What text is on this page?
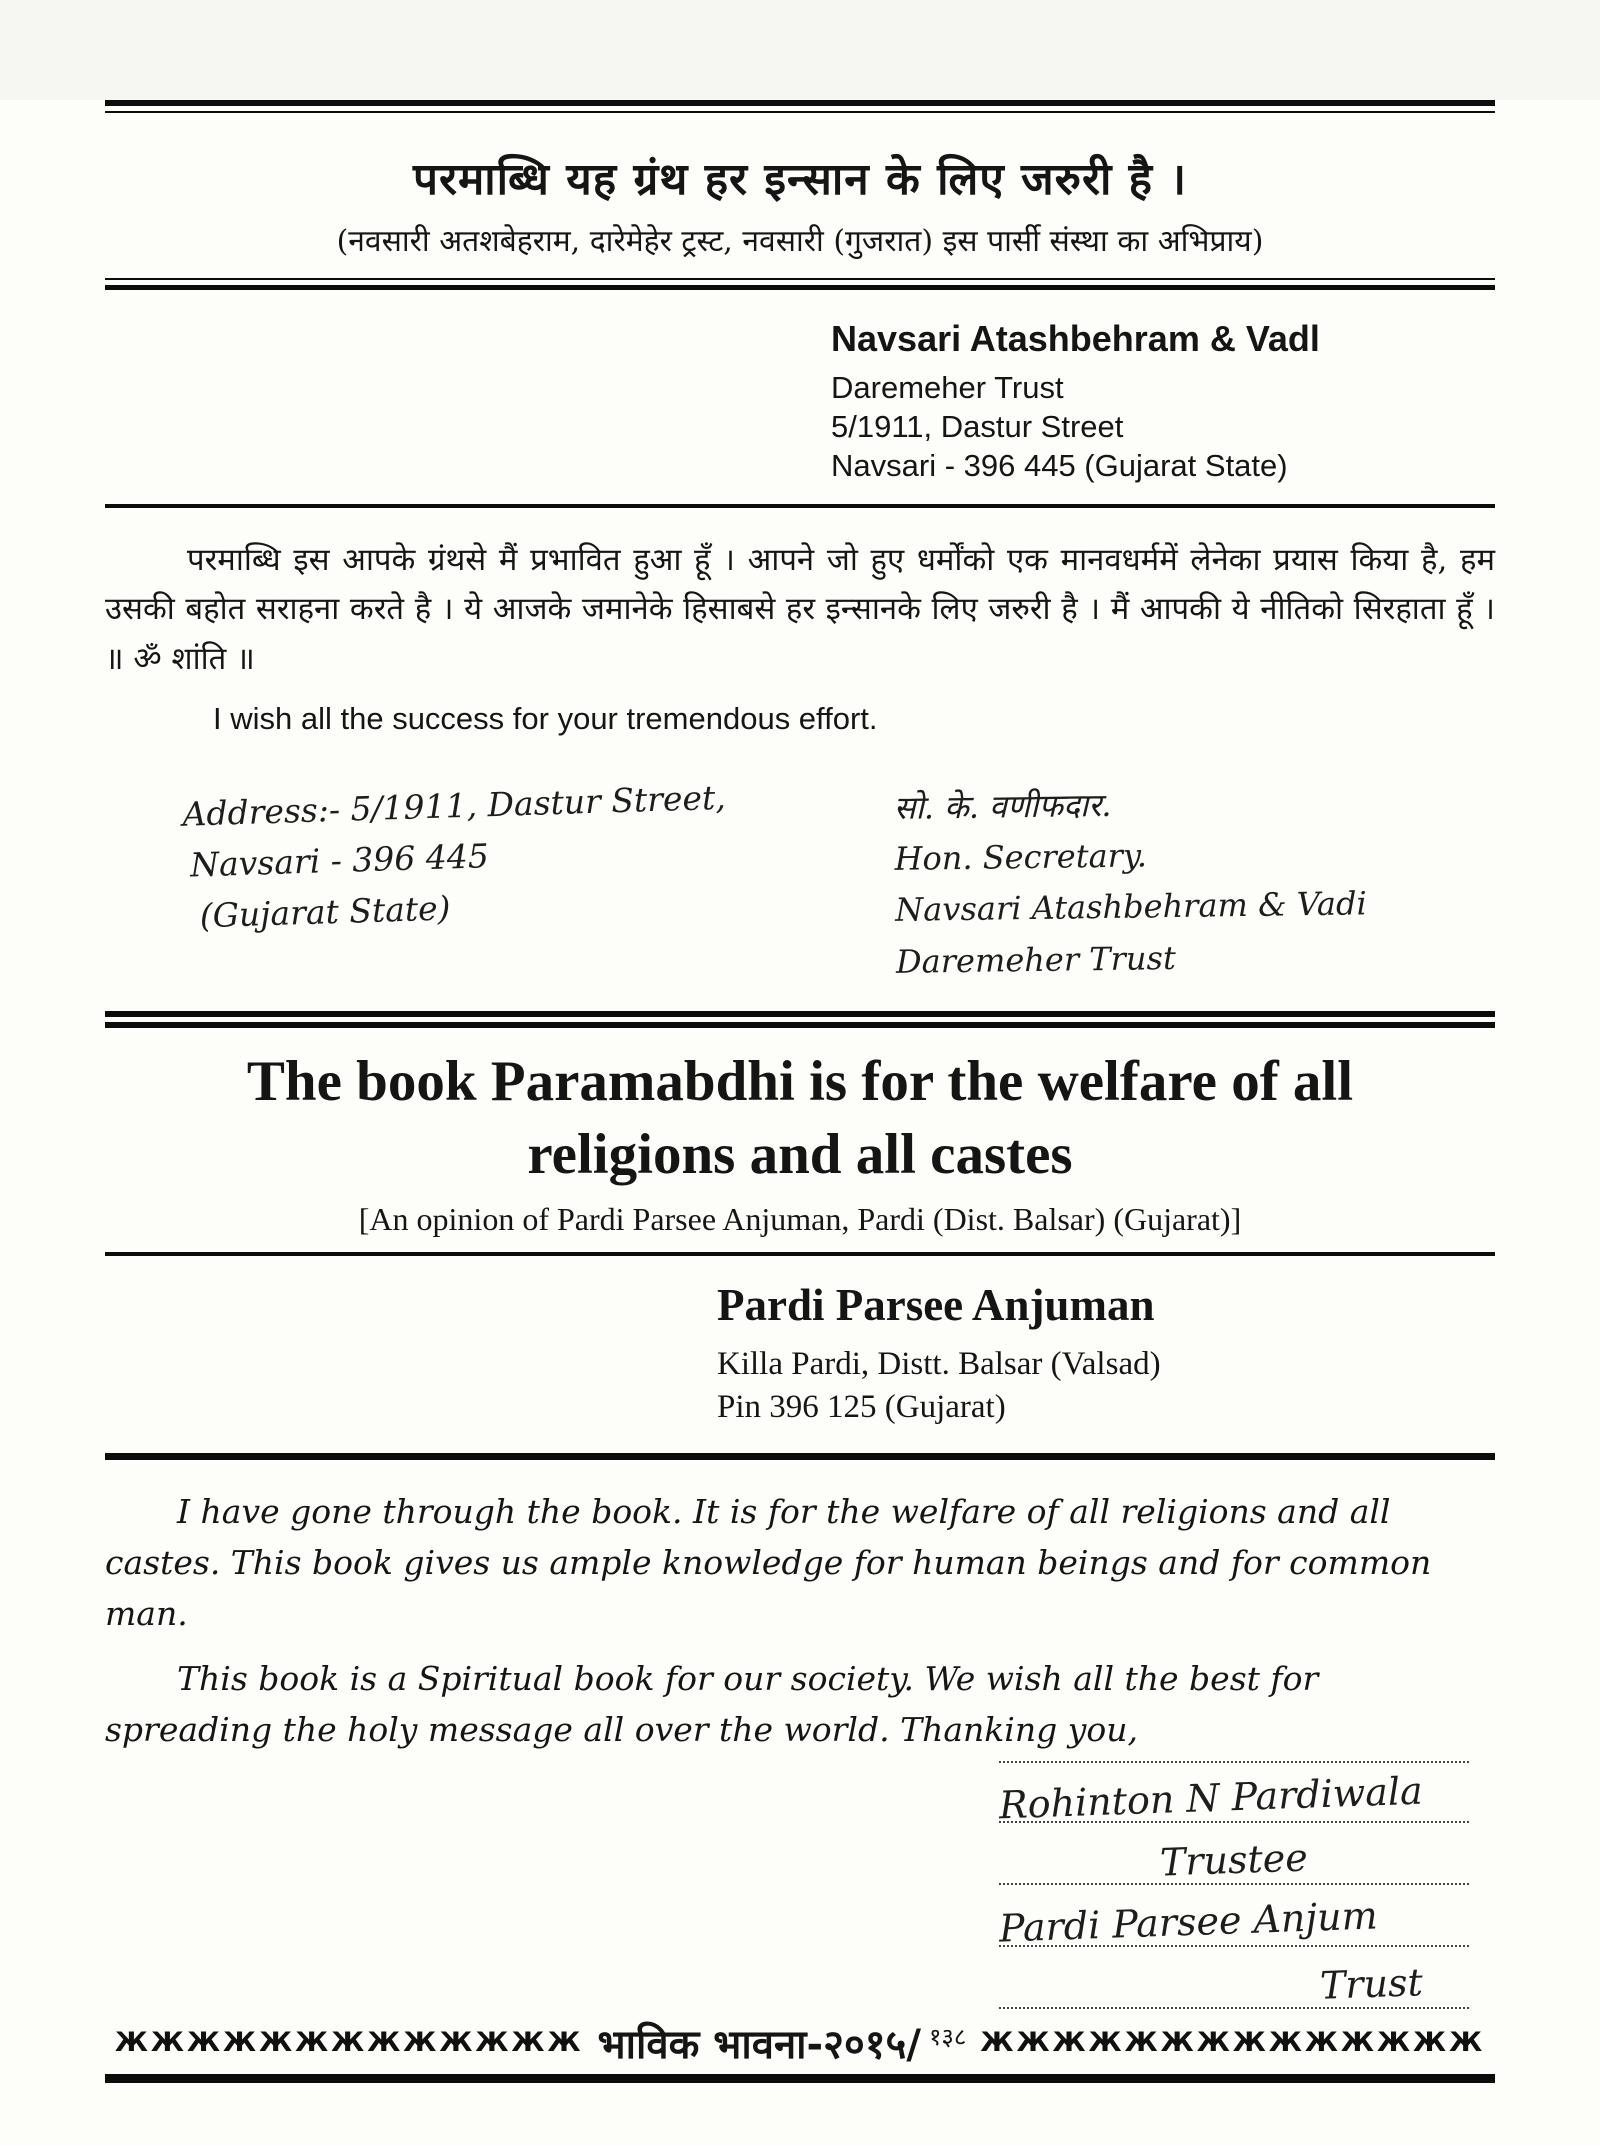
परमाब्धि यह ग्रंथ हर इन्सान के लिए जरुरी है ।
(नवसारी अतशबेहराम, दारेमेहेर ट्रस्ट, नवसारी (गुजरात) इस पार्सी संस्था का अभिप्राय)
Navsari Atashbehram & Vadl
Daremeher Trust
5/1911, Dastur Street
Navsari - 396 445 (Gujarat State)
परमाब्धि इस आपके ग्रंथसे मैं प्रभावित हुआ हूँ । आपने जो हुए धर्मोंको एक मानवधर्ममें लेनेका प्रयास किया है, हम उसकी बहोत सराहना करते है । ये आजके जमानेके हिसाबसे हर इन्सानके लिए जरुरी है । मैं आपकी ये नीतिको सिरहाता हूँ । ॥ ॐ शांति ॥
I wish all the success for your tremendous effort.
Address:- 5/1911, Dastur Street,
Navsari - 396 445
(Gujarat State)
सो. के. वणीफदार.
Hon. Secretary.
Navsari Atashbehram & Vadi
Daremeher Trust
The book Paramabdhi is for the welfare of all
religions and all castes
[An opinion of Pardi Parsee Anjuman, Pardi (Dist. Balsar) (Gujarat)]
Pardi Parsee Anjuman
Killa Pardi, Distt. Balsar (Valsad)
Pin 396 125 (Gujarat)
I have gone through the book. It is for the welfare of all religions and all castes. This book gives us ample knowledge for human beings and for common man.
This book is a Spiritual book for our society. We wish all the best for spreading the holy message all over the world. Thanking you,
Rohinton N Pardiwala
Trustee
Pardi Parsee Anjum
Trust
ЖЖЖЖЖЖЖЖЖЖЖЖЖ भाविक भावना-२०१५/ १३८ ЖЖЖЖЖЖЖЖЖЖЖЖЖЖ
